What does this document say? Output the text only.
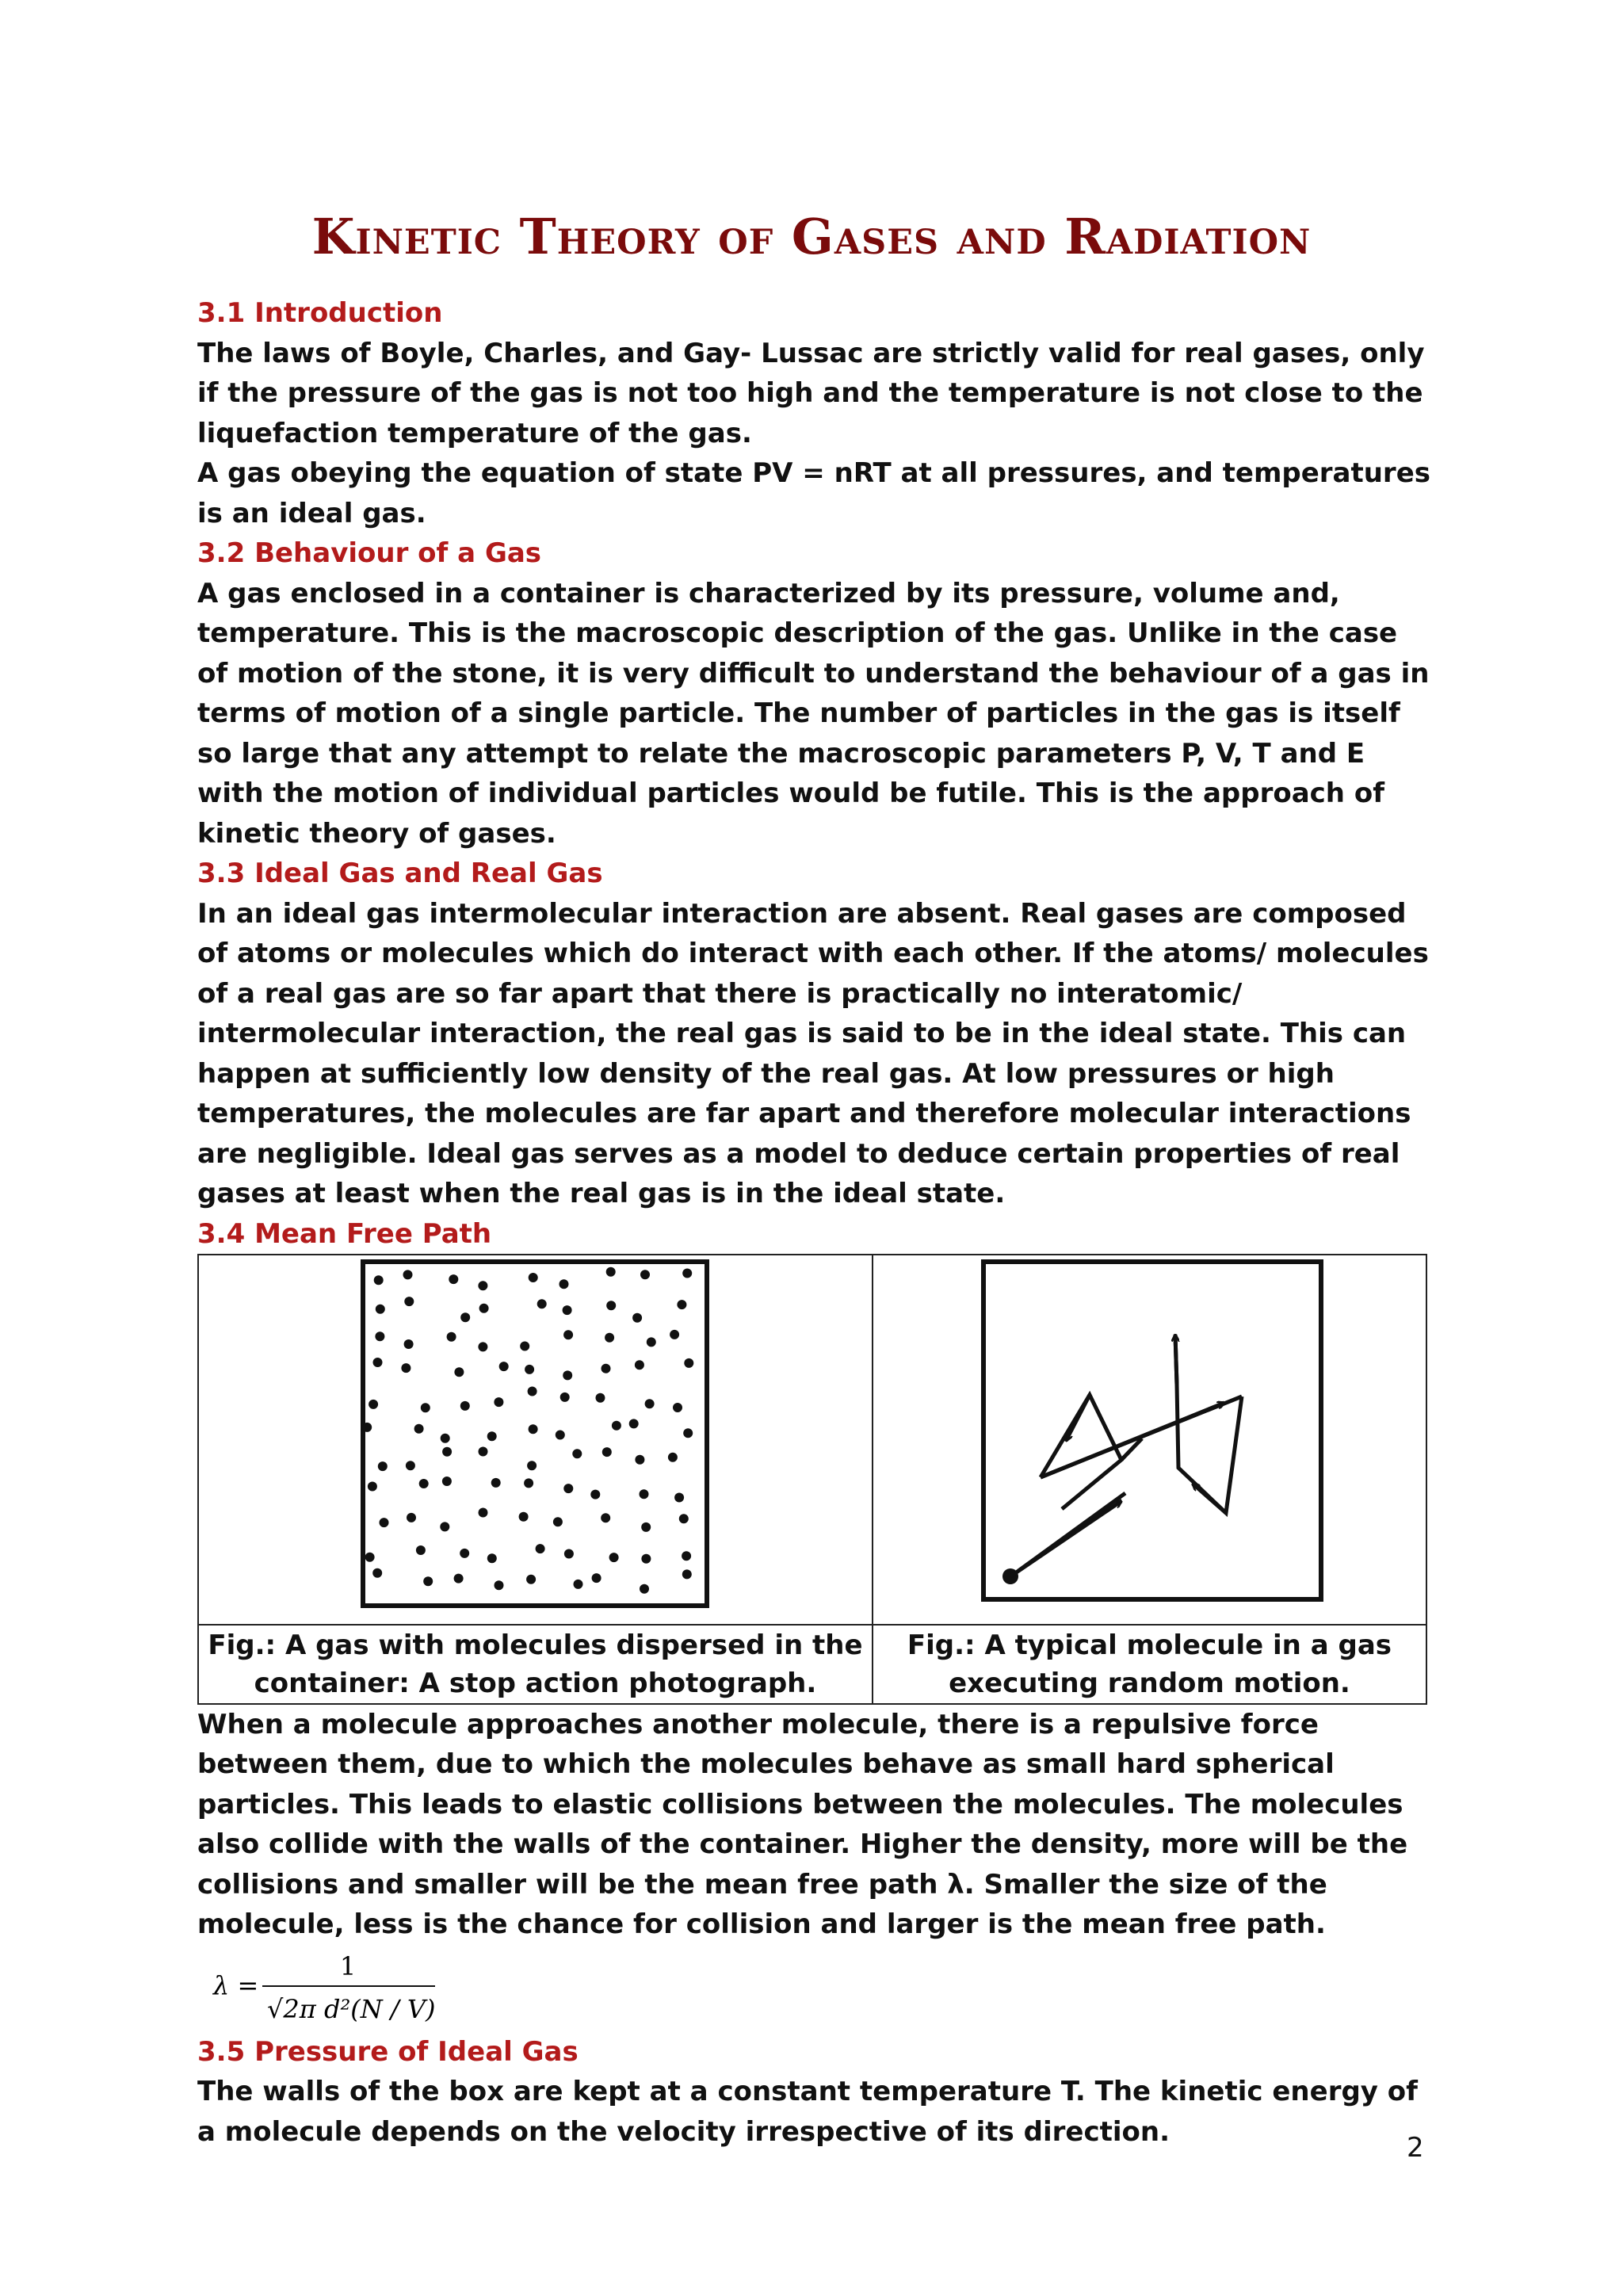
Kinetic Theory of Gases and Radiation

3.1 Introduction

The laws of Boyle, Charles, and Gay- Lussac are strictly valid for real gases, only if the pressure of the gas is not too high and the temperature is not close to the liquefaction temperature of the gas.

A gas obeying the equation of state PV = nRT at all pressures, and temperatures is an ideal gas.

3.2 Behaviour of a Gas

A gas enclosed in a container is characterized by its pressure, volume and, temperature. This is the macroscopic description of the gas. Unlike in the case of motion of the stone, it is very difficult to understand the behaviour of a gas in terms of motion of a single particle. The number of particles in the gas is itself so large that any attempt to relate the macroscopic parameters P, V, T and E with the motion of individual particles would be futile. This is the approach of kinetic theory of gases.

3.3 Ideal Gas and Real Gas

In an ideal gas intermolecular interaction are absent. Real gases are composed of atoms or molecules which do interact with each other. If the atoms/ molecules of a real gas are so far apart that there is practically no interatomic/ intermolecular interaction, the real gas is said to be in the ideal state. This can happen at sufficiently low density of the real gas. At low pressures or high temperatures, the molecules are far apart and therefore molecular interactions are negligible. Ideal gas serves as a model to deduce certain properties of real gases at least when the real gas is in the ideal state.

3.4 Mean Free Path

Fig.: A gas with molecules dispersed in the container: A stop action photograph.	Fig.: A typical molecule in a gas executing random motion.

When a molecule approaches another molecule, there is a repulsive force between them, due to which the molecules behave as small hard spherical particles. This leads to elastic collisions between the molecules. The molecules also collide with the walls of the container. Higher the density, more will be the collisions and smaller will be the mean free path λ. Smaller the size of the molecule, less is the chance for collision and larger is the mean free path.

λ =
1
√2π d²(N / V)

3.5 Pressure of Ideal Gas

The walls of the box are kept at a constant temperature T. The kinetic energy of a molecule depends on the velocity irrespective of its direction.

2
